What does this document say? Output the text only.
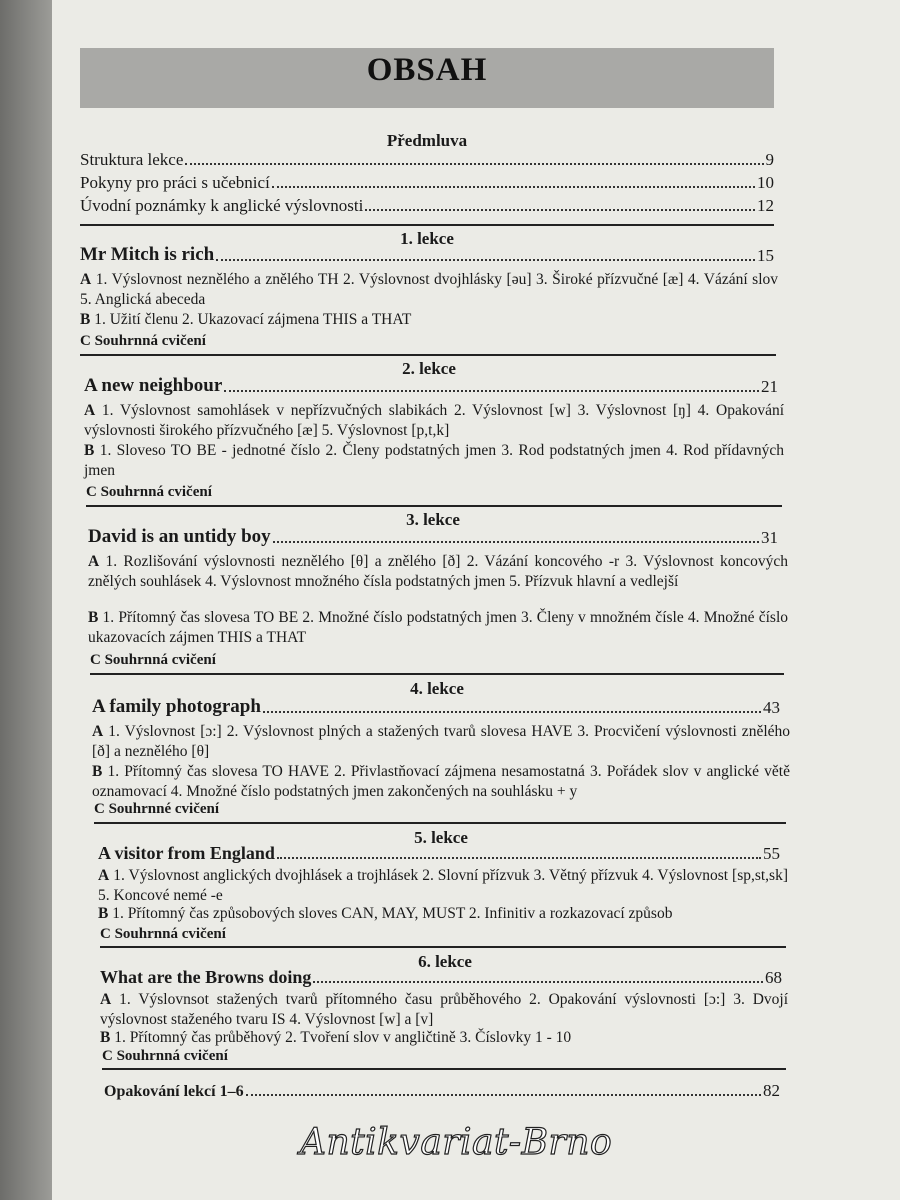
OBSAH
Předmluva
Struktura lekce	9
Pokyny pro práci s učebnicí	10
Úvodní poznámky k anglické výslovnosti	12
1. lekce
Mr Mitch is rich	15
A 1. Výslovnost neznělého a znělého TH 2. Výslovnost dvojhlásky [əu] 3. Široké přízvučné [æ] 4. Vázání slov 5. Anglická abeceda
B 1. Užití členu 2. Ukazovací zájmena THIS a THAT
C Souhrnná cvičení
2. lekce
A new neighbour	21
A 1. Výslovnost samohlásek v nepřízvučných slabikách 2. Výslovnost [w] 3. Výslovnost [ŋ] 4. Opakování výslovnosti širokého přízvučného [æ] 5. Výslovnost [p,t,k]
B 1. Sloveso TO BE - jednotné číslo 2. Členy podstatných jmen 3. Rod podstatných jmen 4. Rod přídavných jmen
C Souhrnná cvičení
3. lekce
David is an untidy boy	31
A 1. Rozlišování výslovnosti neznělého [θ] a znělého [ð] 2. Vázání koncového -r 3. Výslovnost koncových znělých souhlásek 4. Výslovnost množného čísla podstatných jmen 5. Přízvuk hlavní a vedlejší
B 1. Přítomný čas slovesa TO BE 2. Množné číslo podstatných jmen 3. Členy v množném čísle 4. Množné číslo ukazovacích zájmen THIS a THAT
C Souhrnná cvičení
4. lekce
A family photograph	43
A 1. Výslovnost [ɔ:] 2. Výslovnost plných a stažených tvarů slovesa HAVE 3. Procvičení výslovnosti znělého [ð] a neznělého [θ]
B 1. Přítomný čas slovesa TO HAVE 2. Přivlastňovací zájmena nesamostatná 3. Pořádek slov v anglické větě oznamovací 4. Množné číslo podstatných jmen zakončených na souhlásku + y
C Souhrnné cvičení
5. lekce
A visitor from England	55
A 1. Výslovnost anglických dvojhlásek a trojhlásek 2. Slovní přízvuk 3. Větný přízvuk 4. Výslovnost [sp,st,sk] 5. Koncové nemé -e
B 1. Přítomný čas způsobových sloves CAN, MAY, MUST 2. Infinitiv a rozkazovací způsob
C Souhrnná cvičení
6. lekce
What are the Browns doing	68
A 1. Výslovnsot stažených tvarů přítomného času průběhového 2. Opakování výslovnosti [ɔ:] 3. Dvojí výslovnost staženého tvaru IS 4. Výslovnost [w] a [v]
B 1. Přítomný čas průběhový 2. Tvoření slov v angličtině 3. Číslovky 1 - 10
C Souhrnná cvičení
Opakování lekcí 1–6	82
Antikvariat-Brno
